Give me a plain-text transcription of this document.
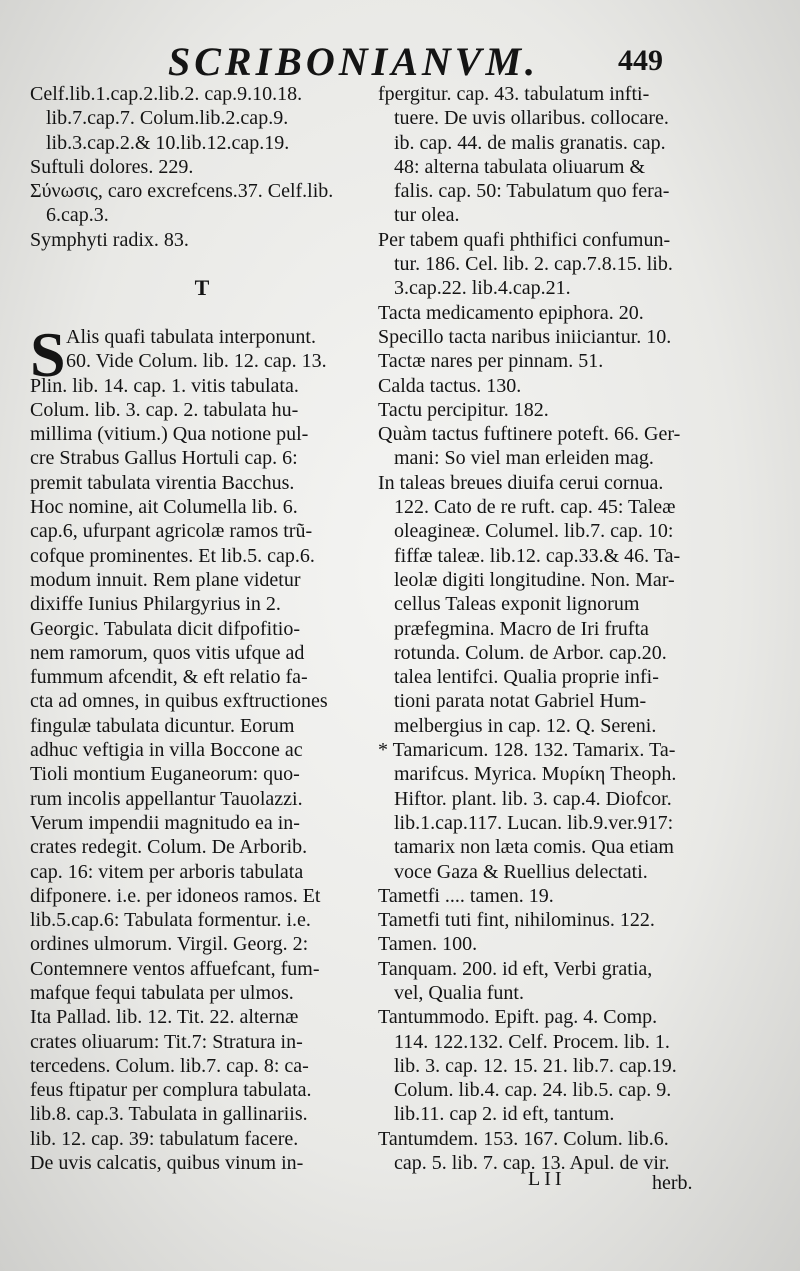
SCRIBONIANVM.	449
Celf.lib.1.cap.2.lib.2. cap.9.10.18.
lib.7.cap.7. Colum.lib.2.cap.9.
lib.3.cap.2.& 10.lib.12.cap.19.
Suftuli dolores. 229.
Σύνωσις, caro excrefcens.37. Celf.lib.
6.cap.3.
Symphyti radix. 83.
T
S Alis quafi tabulata interponunt.
60. Vide Colum. lib. 12. cap. 13.
Plin. lib. 14. cap. 1. vitis tabulata.
Colum. lib. 3. cap. 2. tabulata hu-
millima (vitium.) Qua notione pul-
cre Strabus Gallus Hortuli cap. 6:
premit tabulata virentia Bacchus.
Hoc nomine, ait Columella lib. 6.
cap.6, ufurpant agricolæ ramos trũ-
cofque prominentes. Et lib.5. cap.6.
modum innuit. Rem plane videtur
dixiffe Iunius Philargyrius in 2.
Georgic. Tabulata dicit difpofitio-
nem ramorum, quos vitis ufque ad
fummum afcendit, & eft relatio fa-
cta ad omnes, in quibus exftructiones
fingulæ tabulata dicuntur. Eorum
adhuc veftigia in villa Boccone ac
Tioli montium Euganeorum: quo-
rum incolis appellantur Tauolazzi.
Verum impendii magnitudo ea in-
crates redegit. Colum. De Arborib.
cap. 16: vitem per arboris tabulata
difponere. i.e. per idoneos ramos. Et
lib.5.cap.6: Tabulata formentur. i.e.
ordines ulmorum. Virgil. Georg. 2:
Contemnere ventos affuefcant, fum-
mafque fequi tabulata per ulmos.
Ita Pallad. lib. 12. Tit. 22. alternæ
crates oliuarum: Tit.7: Stratura in-
tercedens. Colum. lib.7. cap. 8: ca-
feus ftipatur per complura tabulata.
lib.8. cap.3. Tabulata in gallinariis.
lib. 12. cap. 39: tabulatum facere.
De uvis calcatis, quibus vinum in-
fpergitur. cap. 43. tabulatum infti-
tuere. De uvis ollaribus. collocare.
ib. cap. 44. de malis granatis. cap.
48: alterna tabulata oliuarum &
falis. cap. 50: Tabulatum quo fera-
tur olea.
Per tabem quafi phthifici confumun-
tur. 186. Cel. lib. 2. cap.7.8.15. lib.
3.cap.22. lib.4.cap.21.
Tacta medicamento epiphora. 20.
Specillo tacta naribus iniiciantur. 10.
Tactæ nares per pinnam. 51.
Calda tactus. 130.
Tactu percipitur. 182.
Quàm tactus fuftinere poteft. 66. Ger-
mani: So viel man erleiden mag.
In taleas breues diuifa cerui cornua.
122. Cato de re ruft. cap. 45: Taleæ
oleagineæ. Columel. lib.7. cap. 10:
fiffæ taleæ. lib.12. cap.33.& 46. Ta-
leolæ digiti longitudine. Non. Mar-
cellus Taleas exponit lignorum
præfegmina. Macro de Iri frufta
rotunda. Colum. de Arbor. cap.20.
talea lentifci. Qualia proprie infi-
tioni parata notat Gabriel Hum-
melbergius in cap. 12. Q. Sereni.
* Tamaricum. 128. 132. Tamarix. Ta-
marifcus. Myrica. Μυρίκη Theoph.
Hiftor. plant. lib. 3. cap.4. Diofcor.
lib.1.cap.117. Lucan. lib.9.ver.917:
tamarix non læta comis. Qua etiam
voce Gaza & Ruellius delectati.
Tametfi .... tamen. 19.
Tametfi tuti fint, nihilominus. 122.
Tamen. 100.
Tanquam. 200. id eft, Verbi gratia,
vel, Qualia funt.
Tantummodo. Epift. pag. 4. Comp.
114. 122.132. Celf. Procem. lib. 1.
lib. 3. cap. 12. 15. 21. lib.7. cap.19.
Colum. lib.4. cap. 24. lib.5. cap. 9.
lib.11. cap 2. id eft, tantum.
Tantumdem. 153. 167. Colum. lib.6.
cap. 5. lib. 7. cap. 13. Apul. de vir.
LII	herb.
